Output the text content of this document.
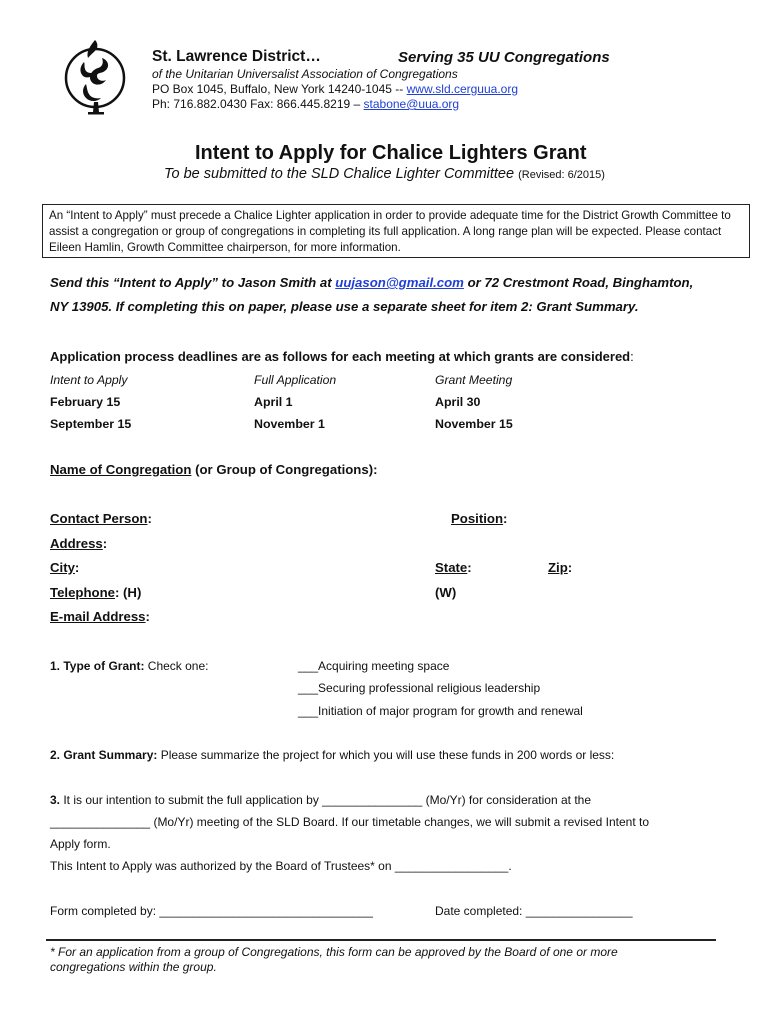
St. Lawrence District…	Serving 35 UU Congregations
of the Unitarian Universalist Association of Congregations
PO Box 1045, Buffalo, New York 14240-1045 -- www.sld.cerguua.org
Ph: 716.882.0430 Fax: 866.445.8219 – stabone@uua.org
Intent to Apply for Chalice Lighters Grant
To be submitted to the SLD Chalice Lighter Committee (Revised: 6/2015)
An “Intent to Apply” must precede a Chalice Lighter application in order to provide adequate time for the District Growth Committee to assist a congregation or group of congregations in completing its full application. A long range plan will be expected. Please contact Eileen Hamlin, Growth Committee chairperson, for more information.
Send this “Intent to Apply” to Jason Smith at uujason@gmail.com or 72 Crestmont Road, Binghamton,
NY 13905. If completing this on paper, please use a separate sheet for item 2: Grant Summary.
Application process deadlines are as follows for each meeting at which grants are considered:
Intent to Apply	Full Application	Grant Meeting
February 15	April 1	April 30
September 15	November 1	November 15
Name of Congregation (or Group of Congregations):
Contact Person:	Position:
Address:
City:	State:	Zip:
Telephone: (H)	(W)
E-mail Address:
1. Type of Grant: Check one:	___Acquiring meeting space
___Securing professional religious leadership
___Initiation of major program for growth and renewal
2. Grant Summary: Please summarize the project for which you will use these funds in 200 words or less:
3. It is our intention to submit the full application by _______________ (Mo/Yr) for consideration at the
_______________ (Mo/Yr) meeting of the SLD Board. If our timetable changes, we will submit a revised Intent to
Apply form.
This Intent to Apply was authorized by the Board of Trustees* on _________________.
Form completed by: ________________________________	Date completed: ________________
* For an application from a group of Congregations, this form can be approved by the Board of one or more congregations within the group.
